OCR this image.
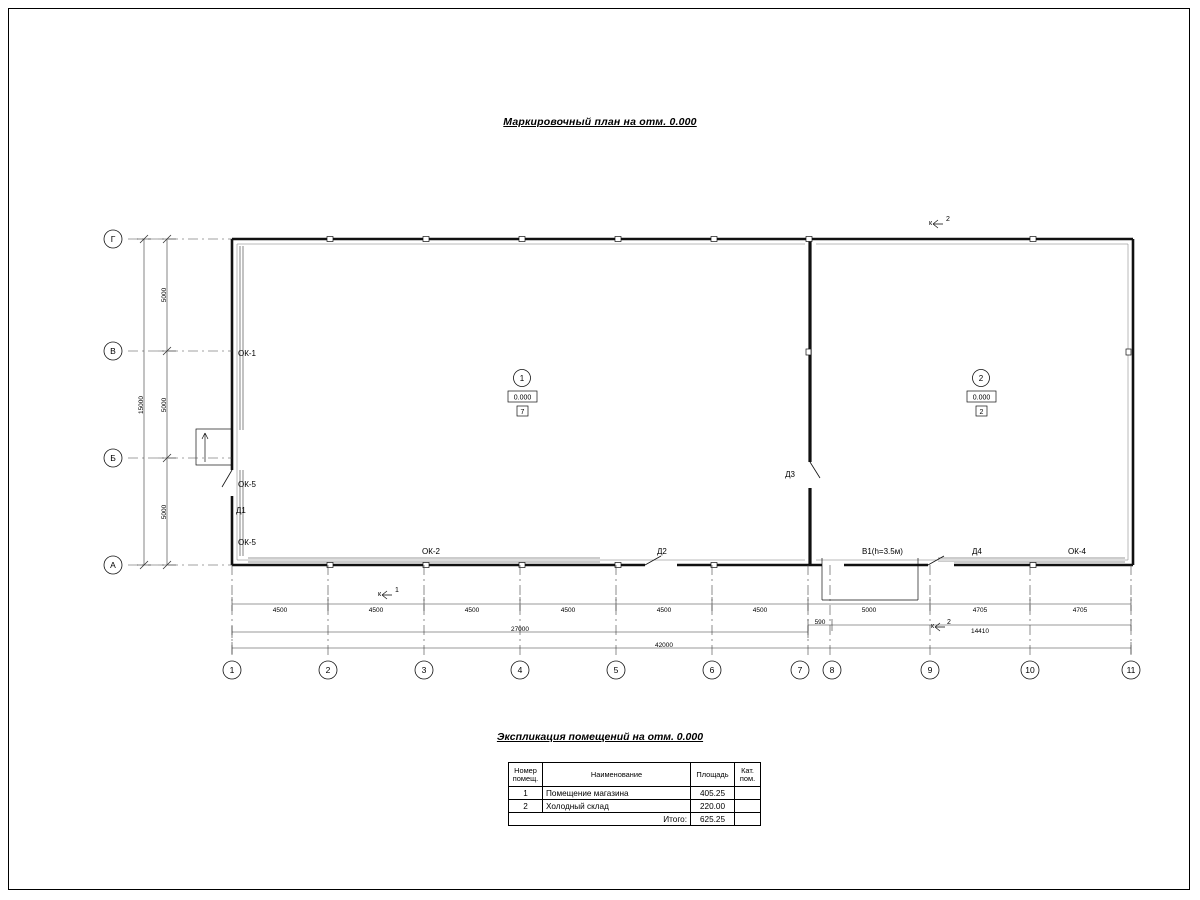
Маркировочный план на отм. 0.000
Г
В
Б
А
1	2	3	4	5	6	7	8	9	10	11
5000
5000
5000
15000
4500	4500	4500	4500	4500	4500	5000	4705	4705
590
14410
27000
42000
к
1
к
2
к
2
ОК-1
ОК-5
ОК-5
Д1
ОК-2	Д2
Д3
В1(h=3.5м)	Д4	ОК-4
1
0.000
7
2
0.000
2
Экспликация помещений на отм. 0.000
Номер
помещ.	Наименование	Площадь	Кат.
пом.
1	Помещение магазина	405.25	
2	Холодный склад	220.00	
Итого:		625.25	
